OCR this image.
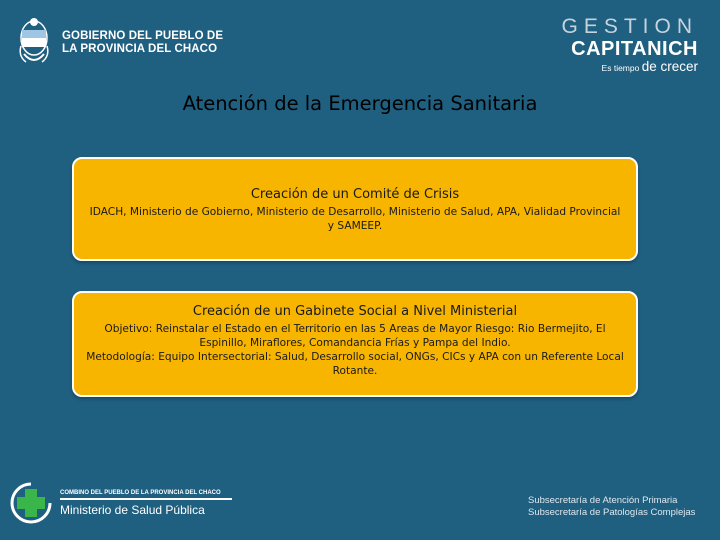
GOBIERNO DEL PUEBLO DE
LA PROVINCIA DEL CHACO
GESTION
CAPITANICH
Es tiempo de crecer
Atención de la Emergencia Sanitaria
Creación de un Comité de Crisis
IDACH, Ministerio de Gobierno, Ministerio de Desarrollo, Ministerio de Salud, APA, Vialidad Provincial y SAMEEP.
Creación de un Gabinete Social a Nivel Ministerial
Objetivo: Reinstalar el Estado en el Territorio en las 5 Areas de Mayor Riesgo: Rio Bermejito, El Espinillo, Miraflores, Comandancia Frías y Pampa del Indio.
Metodología: Equipo Intersectorial: Salud, Desarrollo social, ONGs, CICs y APA con un Referente Local Rotante.
COMBINO DEL PUEBLO DE LA PROVINCIA DEL CHACO
Ministerio de Salud Pública
Subsecretaría de Atención Primaria
Subsecretaría de Patologías Complejas
